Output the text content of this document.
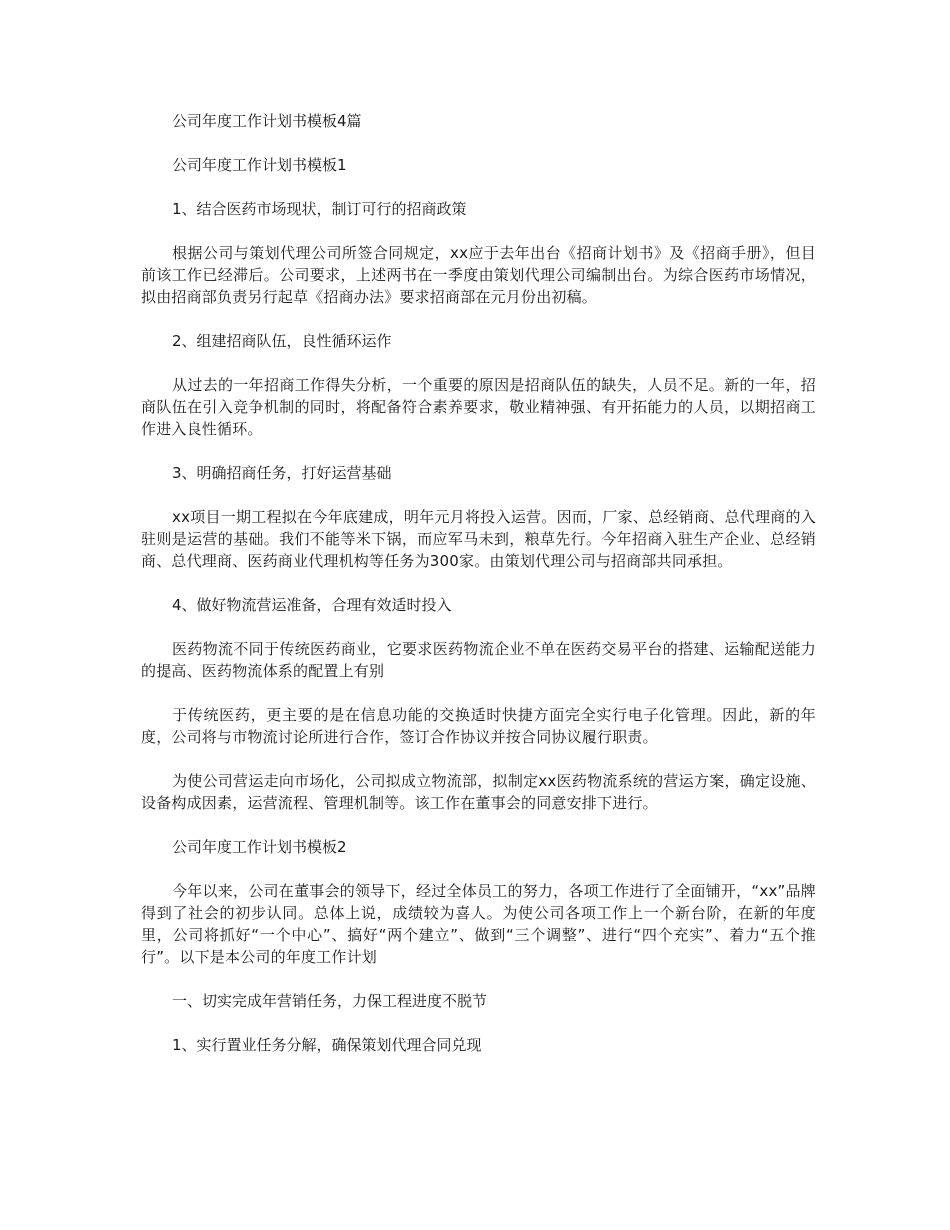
公司年度工作计划书模板4篇

公司年度工作计划书模板1

1、结合医药市场现状，制订可行的招商政策

根据公司与策划代理公司所签合同规定，xx应于去年出台《招商计划书》及《招商手册》，但目前该工作已经滞后。公司要求，上述两书在一季度由策划代理公司编制出台。为综合医药市场情况，拟由招商部负责另行起草《招商办法》要求招商部在元月份出初稿。

2、组建招商队伍，良性循环运作

从过去的一年招商工作得失分析，一个重要的原因是招商队伍的缺失，人员不足。新的一年，招商队伍在引入竞争机制的同时，将配备符合素养要求，敬业精神强、有开拓能力的人员，以期招商工作进入良性循环。

3、明确招商任务，打好运营基础

xx项目一期工程拟在今年底建成，明年元月将投入运营。因而，厂家、总经销商、总代理商的入驻则是运营的基础。我们不能等米下锅，而应军马未到，粮草先行。今年招商入驻生产企业、总经销商、总代理商、医药商业代理机构等任务为300家。由策划代理公司与招商部共同承担。

4、做好物流营运准备，合理有效适时投入

医药物流不同于传统医药商业，它要求医药物流企业不单在医药交易平台的搭建、运输配送能力的提高、医药物流体系的配置上有别

于传统医药，更主要的是在信息功能的交换适时快捷方面完全实行电子化管理。因此，新的年度，公司将与市物流讨论所进行合作，签订合作协议并按合同协议履行职责。

为使公司营运走向市场化，公司拟成立物流部，拟制定xx医药物流系统的营运方案，确定设施、设备构成因素，运营流程、管理机制等。该工作在董事会的同意安排下进行。

公司年度工作计划书模板2

今年以来，公司在董事会的领导下，经过全体员工的努力，各项工作进行了全面铺开，“xx”品牌得到了社会的初步认同。总体上说，成绩较为喜人。为使公司各项工作上一个新台阶，在新的年度里，公司将抓好“一个中心”、搞好“两个建立”、做到“三个调整”、进行“四个充实”、着力“五个推行”。以下是本公司的年度工作计划

一、切实完成年营销任务，力保工程进度不脱节

1、实行置业任务分解，确保策划代理合同兑现
